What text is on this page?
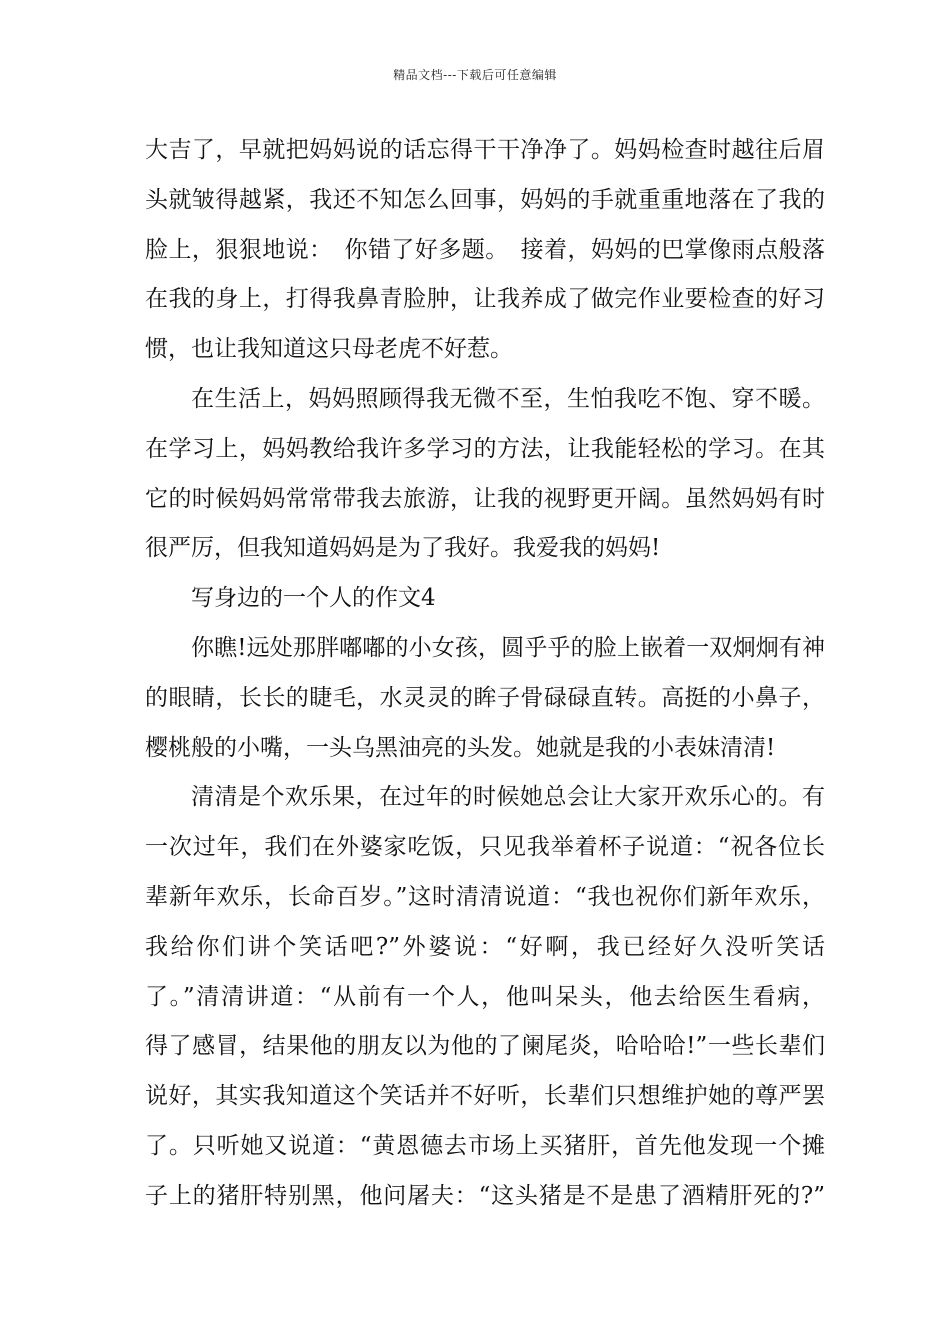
精品文档---下载后可任意编辑
大吉了，早就把妈妈说的话忘得干干净净了。妈妈检查时越往后眉
头就皱得越紧，我还不知怎么回事，妈妈的手就重重地落在了我的
脸上，狠狠地说：　你错了好多题。　接着，妈妈的巴掌像雨点般落
在我的身上，打得我鼻青脸肿，让我养成了做完作业要检查的好习
惯，也让我知道这只母老虎不好惹。
在生活上，妈妈照顾得我无微不至，生怕我吃不饱、穿不暖。
在学习上，妈妈教给我许多学习的方法，让我能轻松的学习。在其
它的时候妈妈常常带我去旅游，让我的视野更开阔。虽然妈妈有时
很严厉，但我知道妈妈是为了我好。我爱我的妈妈!
写身边的一个人的作文4
你瞧!远处那胖嘟嘟的小女孩，圆乎乎的脸上嵌着一双炯炯有神
的眼睛，长长的睫毛，水灵灵的眸子骨碌碌直转。高挺的小鼻子，
樱桃般的小嘴，一头乌黑油亮的头发。她就是我的小表妹清清!
清清是个欢乐果，在过年的时候她总会让大家开欢乐心的。有
一次过年，我们在外婆家吃饭，只见我举着杯子说道：“祝各位长
辈新年欢乐，长命百岁。”这时清清说道：“我也祝你们新年欢乐，
我给你们讲个笑话吧?”外婆说：“好啊，我已经好久没听笑话
了。”清清讲道：“从前有一个人，他叫呆头，他去给医生看病，
得了感冒，结果他的朋友以为他的了阑尾炎，哈哈哈!”一些长辈们
说好，其实我知道这个笑话并不好听，长辈们只想维护她的尊严罢
了。只听她又说道：“黄恩德去市场上买猪肝，首先他发现一个摊
子上的猪肝特别黑，他问屠夫：“这头猪是不是患了酒精肝死的?”
